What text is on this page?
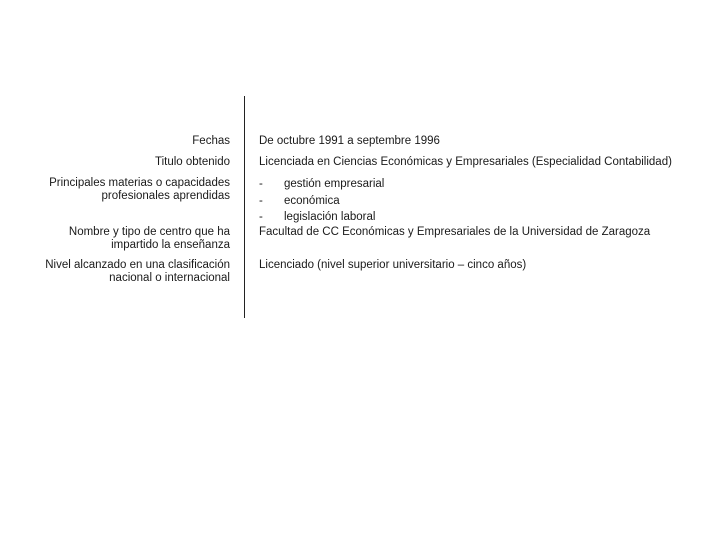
Fechas	De octubre 1991 a septembre 1996
Titulo obtenido	Licenciada en Ciencias Económicas y Empresariales (Especialidad Contabilidad)
Principales materias o capacidades
profesionales aprendidas
- gestión empresarial
- económica
- legislación laboral
Nombre y tipo de centro que ha
impartido la enseñanza
Facultad de CC Económicas y Empresariales de la Universidad de Zaragoza
Nivel alcanzado en una clasificación
nacional o internacional
Licenciado (nivel superior universitario – cinco años)
